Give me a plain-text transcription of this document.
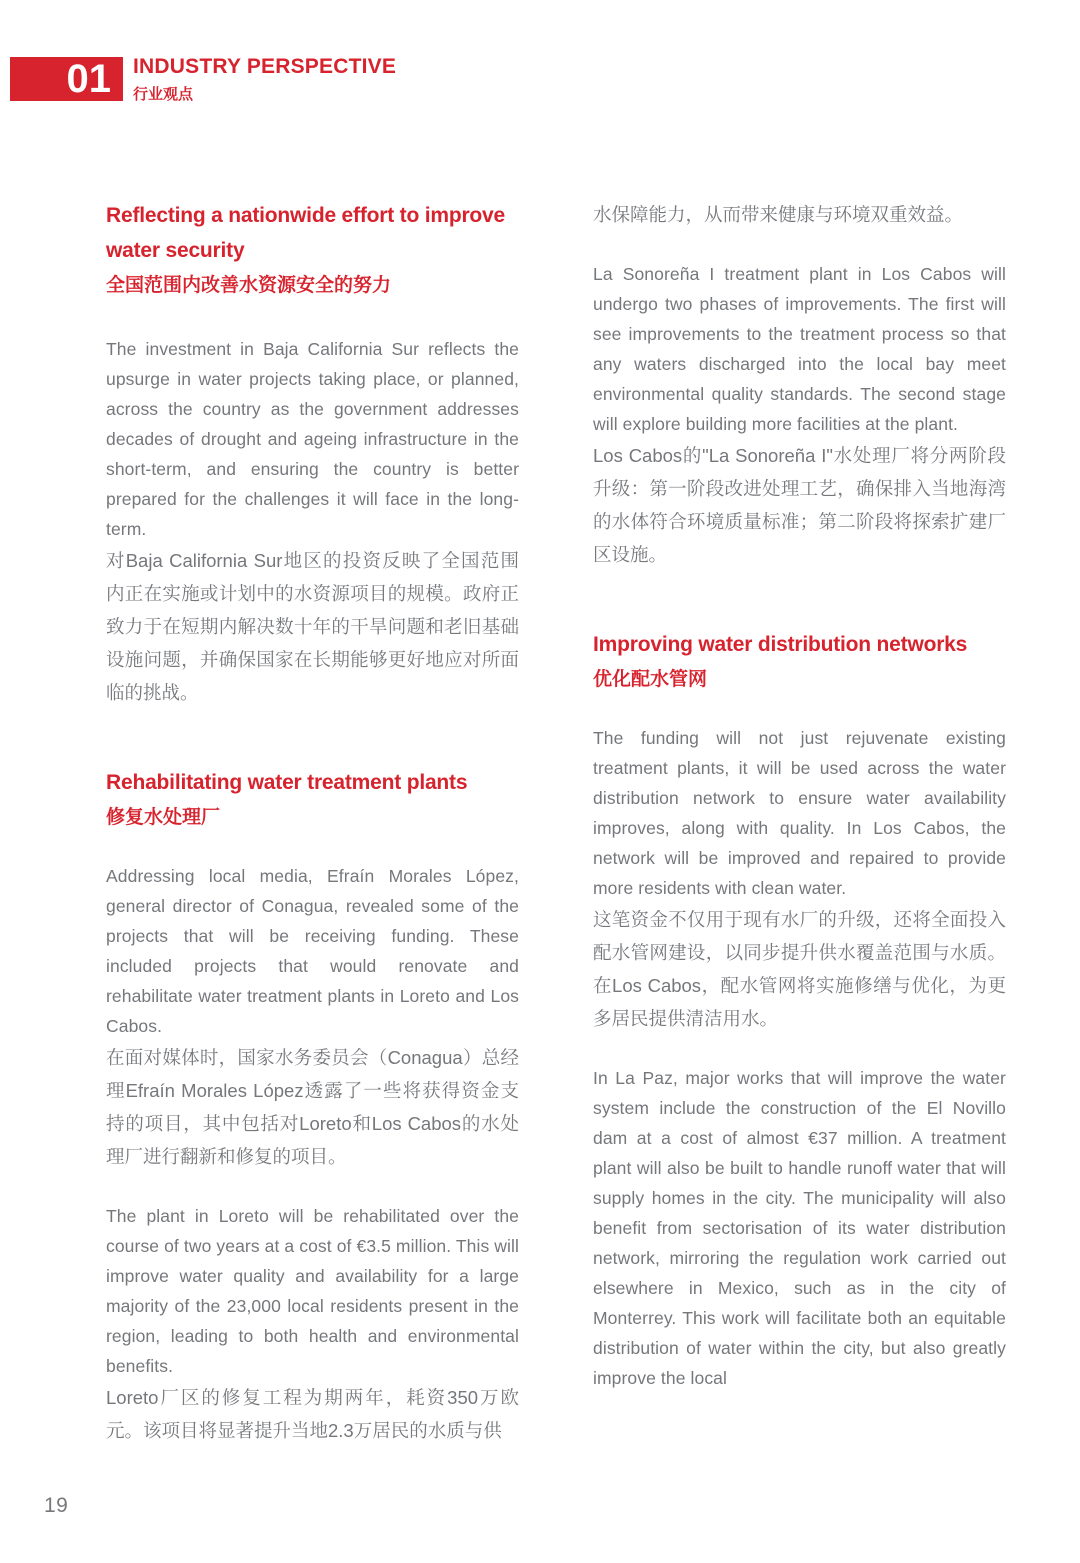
01 INDUSTRY PERSPECTIVE
行业观点
Reflecting a nationwide effort to improve water security
全国范围内改善水资源安全的努力

The investment in Baja California Sur reflects the upsurge in water projects taking place, or planned, across the country as the government addresses decades of drought and ageing infrastructure in the short-term, and ensuring the country is better prepared for the challenges it will face in the long-term.

对Baja California Sur地区的投资反映了全国范围内正在实施或计划中的水资源项目的规模。政府正致力于在短期内解决数十年的干旱问题和老旧基础设施问题，并确保国家在长期能够更好地应对所面临的挑战。

Rehabilitating water treatment plants
修复水处理厂

Addressing local media, Efraín Morales López, general director of Conagua, revealed some of the projects that will be receiving funding. These included projects that would renovate and rehabilitate water treatment plants in Loreto and Los Cabos.

在面对媒体时，国家水务委员会（Conagua）总经理Efraín Morales López透露了一些将获得资金支持的项目，其中包括对Loreto和Los Cabos的水处理厂进行翻新和修复的项目。

The plant in Loreto will be rehabilitated over the course of two years at a cost of €3.5 million. This will improve water quality and availability for a large majority of the 23,000 local residents present in the region, leading to both health and environmental benefits.

Loreto厂区的修复工程为期两年，耗资350万欧元。该项目将显著提升当地2.3万居民的水质与供

水保障能力，从而带来健康与环境双重效益。

La Sonoreña I treatment plant in Los Cabos will undergo two phases of improvements. The first will see improvements to the treatment process so that any waters discharged into the local bay meet environmental quality standards. The second stage will explore building more facilities at the plant.

Los Cabos的"La Sonoreña I"水处理厂将分两阶段升级：第一阶段改进处理工艺，确保排入当地海湾的水体符合环境质量标准；第二阶段将探索扩建厂区设施。

Improving water distribution networks
优化配水管网

The funding will not just rejuvenate existing treatment plants, it will be used across the water distribution network to ensure water availability improves, along with quality. In Los Cabos, the network will be improved and repaired to provide more residents with clean water.

这笔资金不仅用于现有水厂的升级，还将全面投入配水管网建设，以同步提升供水覆盖范围与水质。在Los Cabos，配水管网将实施修缮与优化，为更多居民提供清洁用水。

In La Paz, major works that will improve the water system include the construction of the El Novillo dam at a cost of almost €37 million. A treatment plant will also be built to handle runoff water that will supply homes in the city. The municipality will also benefit from sectorisation of its water distribution network, mirroring the regulation work carried out elsewhere in Mexico, such as in the city of Monterrey. This work will facilitate both an equitable distribution of water within the city, but also greatly improve the local

19
